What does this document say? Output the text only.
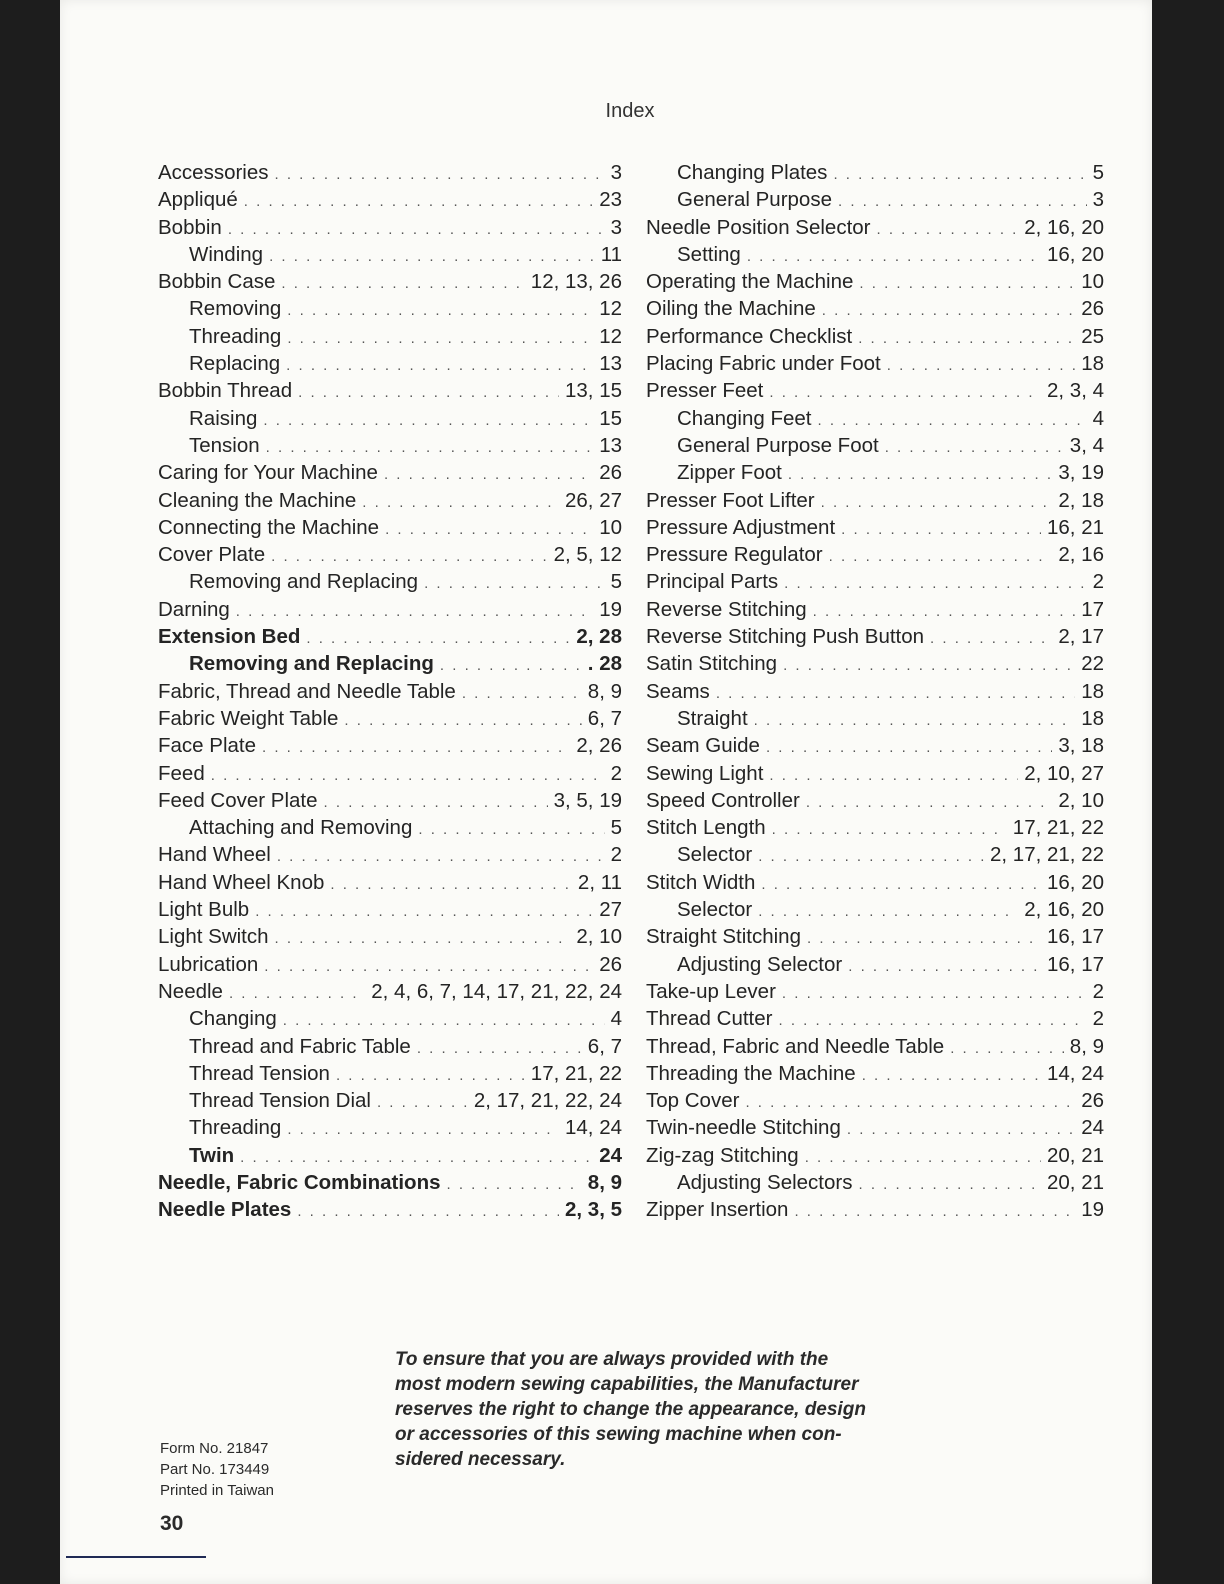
Index
Accessories . . .	3
Appliqué . . .	23
Bobbin . . .	3
Winding . . .	11
Bobbin Case . . .	12, 13, 26
Removing . . .	12
Threading . . .	12
Replacing . . .	13
Bobbin Thread . . .	13, 15
Raising . . .	15
Tension . . .	13
Caring for Your Machine . . .	26
Cleaning the Machine . . .	26, 27
Connecting the Machine . . .	10
Cover Plate . . .	2, 5, 12
Removing and Replacing . . .	5
Darning . . .	19
Extension Bed . . .	2, 28
Removing and Replacing . . .	. 28
Fabric, Thread and Needle Table . . .	8, 9
Fabric Weight Table . . .	6, 7
Face Plate . . .	2, 26
Feed . . .	2
Feed Cover Plate . . .	3, 5, 19
Attaching and Removing . . .	5
Hand Wheel . . .	2
Hand Wheel Knob . . .	2, 11
Light Bulb . . .	27
Light Switch . . .	2, 10
Lubrication . . .	26
Needle . . .	2, 4, 6, 7, 14, 17, 21, 22, 24
Changing . . .	4
Thread and Fabric Table . . .	6, 7
Thread Tension . . .	17, 21, 22
Thread Tension Dial . . .	2, 17, 21, 22, 24
Threading . . .	14, 24
Twin . . .	24
Needle, Fabric Combinations . . .	8, 9
Needle Plates . . .	2, 3, 5
Changing Plates . . .	5
General Purpose . . .	3
Needle Position Selector . . .	2, 16, 20
Setting . . .	16, 20
Operating the Machine . . .	10
Oiling the Machine . . .	26
Performance Checklist . . .	25
Placing Fabric under Foot . . .	18
Presser Feet . . .	2, 3, 4
Changing Feet . . .	4
General Purpose Foot . . .	3, 4
Zipper Foot . . .	3, 19
Presser Foot Lifter . . .	2, 18
Pressure Adjustment . . .	16, 21
Pressure Regulator . . .	2, 16
Principal Parts . . .	2
Reverse Stitching . . .	17
Reverse Stitching Push Button . . .	2, 17
Satin Stitching . . .	22
Seams . . .	18
Straight . . .	18
Seam Guide . . .	3, 18
Sewing Light . . .	2, 10, 27
Speed Controller . . .	2, 10
Stitch Length . . .	17, 21, 22
Selector . . .	2, 17, 21, 22
Stitch Width . . .	16, 20
Selector . . .	2, 16, 20
Straight Stitching . . .	16, 17
Adjusting Selector . . .	16, 17
Take-up Lever . . .	2
Thread Cutter . . .	2
Thread, Fabric and Needle Table . . .	8, 9
Threading the Machine . . .	14, 24
Top Cover . . .	26
Twin-needle Stitching . . .	24
Zig-zag Stitching . . .	20, 21
Adjusting Selectors . . .	20, 21
Zipper Insertion . . .	19
To ensure that you are always provided with the
most modern sewing capabilities, the Manufacturer
reserves the right to change the appearance, design
or accessories of this sewing machine when con-
sidered necessary.
Form No. 21847
Part No. 173449
Printed in Taiwan
30
